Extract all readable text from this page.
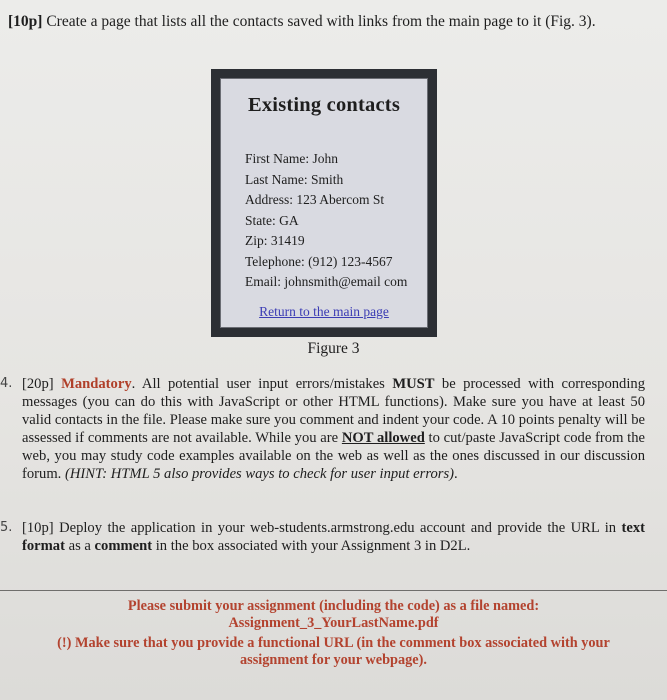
[10p] Create a page that lists all the contacts saved with links from the main page to it (Fig. 3).
Existing contacts
First Name: John
Last Name: Smith
Address: 123 Abercom St
State: GA
Zip: 31419
Telephone: (912) 123-4567
Email: johnsmith@email com
Return to the main page
Figure 3
4. [20p] Mandatory. All potential user input errors/mistakes MUST be processed with corresponding messages (you can do this with JavaScript or other HTML functions). Make sure you have at least 50 valid contacts in the file. Please make sure you comment and indent your code. A 10 points penalty will be assessed if comments are not available. While you are NOT allowed to cut/paste JavaScript code from the web, you may study code examples available on the web as well as the ones discussed in our discussion forum. (HINT: HTML 5 also provides ways to check for user input errors).
5. [10p] Deploy the application in your web-students.armstrong.edu account and provide the URL in text format as a comment in the box associated with your Assignment 3 in D2L.
Please submit your assignment (including the code) as a file named:
Assignment_3_YourLastName.pdf
(!) Make sure that you provide a functional URL (in the comment box associated with your
assignment for your webpage).
